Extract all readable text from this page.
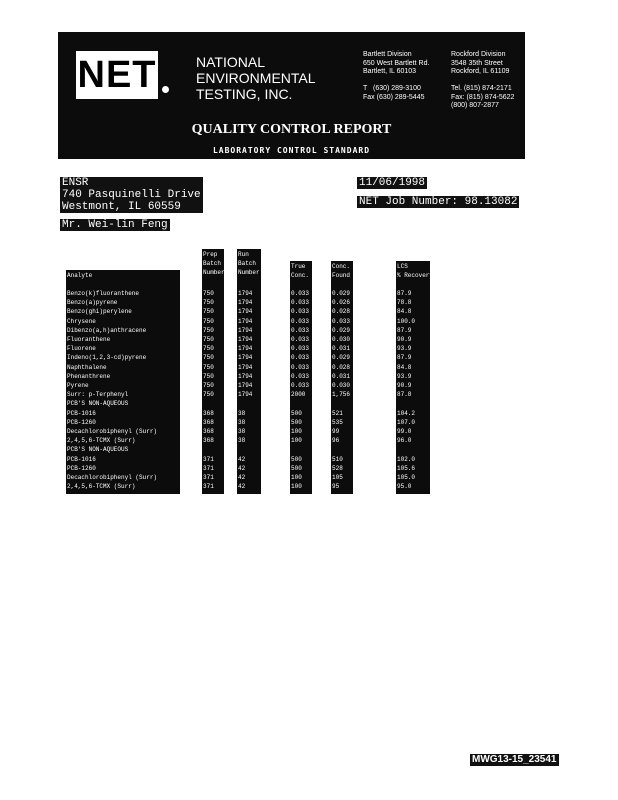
NET	NATIONAL
ENVIRONMENTAL
TESTING, INC.
Bartlett Division
650 West Bartlett Rd.
Bartlett, IL 60103

T   (630) 289-3100
Fax (630) 289-5445
Rockford Division
3548 35th Street
Rockford, IL 61109

Tel. (815) 874-2171
Fax: (815) 874-5622
(800) 807-2877
QUALITY CONTROL REPORT
LABORATORY CONTROL STANDARD
ENSR
740 Pasquinelli Drive
Westmont, IL 60559
Mr. Wei-lin Feng
11/06/1998
NET Job Number: 98.13082
Analyte
Benzo(k)fluoranthene
Benzo(a)pyrene
Benzo(ghi)perylene
Chrysene
Dibenzo(a,h)anthracene
Fluoranthene
Fluorene
Indeno(1,2,3-cd)pyrene
Naphthalene
Phenanthrene
Pyrene
Surr: p-Terphenyl
PCB'S NON-AQUEOUS
PCB-1016
PCB-1260
Decachlorobiphenyl (Surr)
2,4,5,6-TCMX (Surr)
PCB'S NON-AQUEOUS
PCB-1016
PCB-1260
Decachlorobiphenyl (Surr)
2,4,5,6-TCMX (Surr)
Prep
Batch
Number
750
750
750
750
750
750
750
750
750
750
750
750
368
368
368
368
371
371
371
371
Run
Batch
Number
1794
1794
1794
1794
1794
1794
1794
1794
1794
1794
1794
1794
38
38
38
38
42
42
42
42
True
Conc.
0.033
0.033
0.033
0.033
0.033
0.033
0.033
0.033
0.033
0.033
0.033
2000
500
500
100
100
500
500
100
100
Conc.
Found
0.029
0.026
0.028
0.033
0.029
0.030
0.031
0.029
0.028
0.031
0.030
1,756
521
535
99
96
510
528
105
95
LCS
% Recovery
87.9
78.8
84.8
100.0
87.9
90.9
93.9
87.9
84.8
93.9
90.9
87.8
104.2
107.0
99.0
96.0
102.0
105.6
105.0
95.0
MWG13-15_23541
